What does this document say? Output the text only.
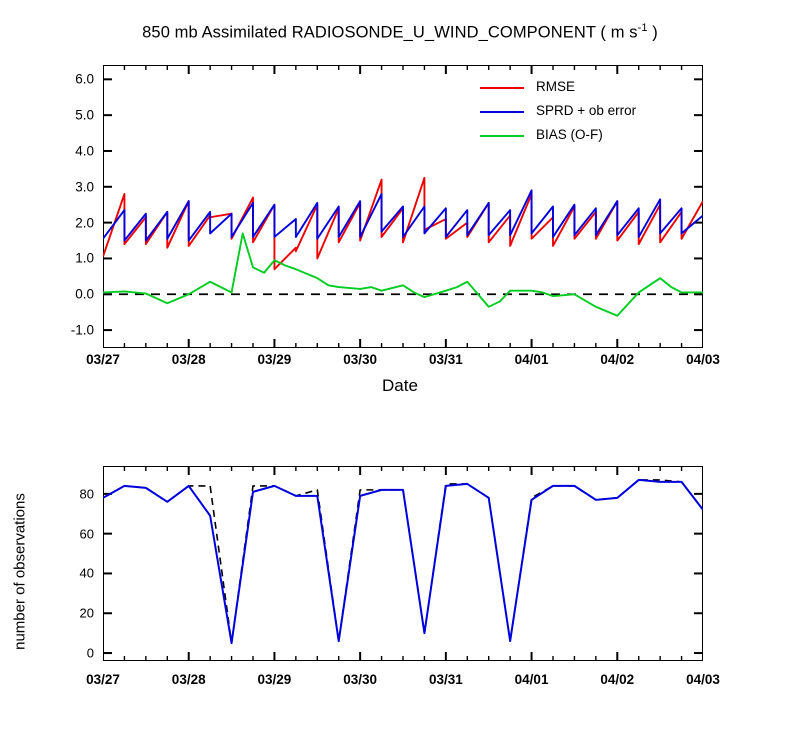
850 mb Assimilated RADIOSONDE_U_WIND_COMPONENT ( m $s^{-1}$ )
6.0
5.0
4.0
3.0
2.0
1.0
0.0
-1.0
03/27	03/28	03/29	03/30	03/31	04/01	04/02	04/03
Date
RMSE
SPRD + ob error
BIAS (O-F)
80
60
40
20
0
03/27	03/28	03/29	03/30	03/31	04/01	04/02	04/03
number of observations
